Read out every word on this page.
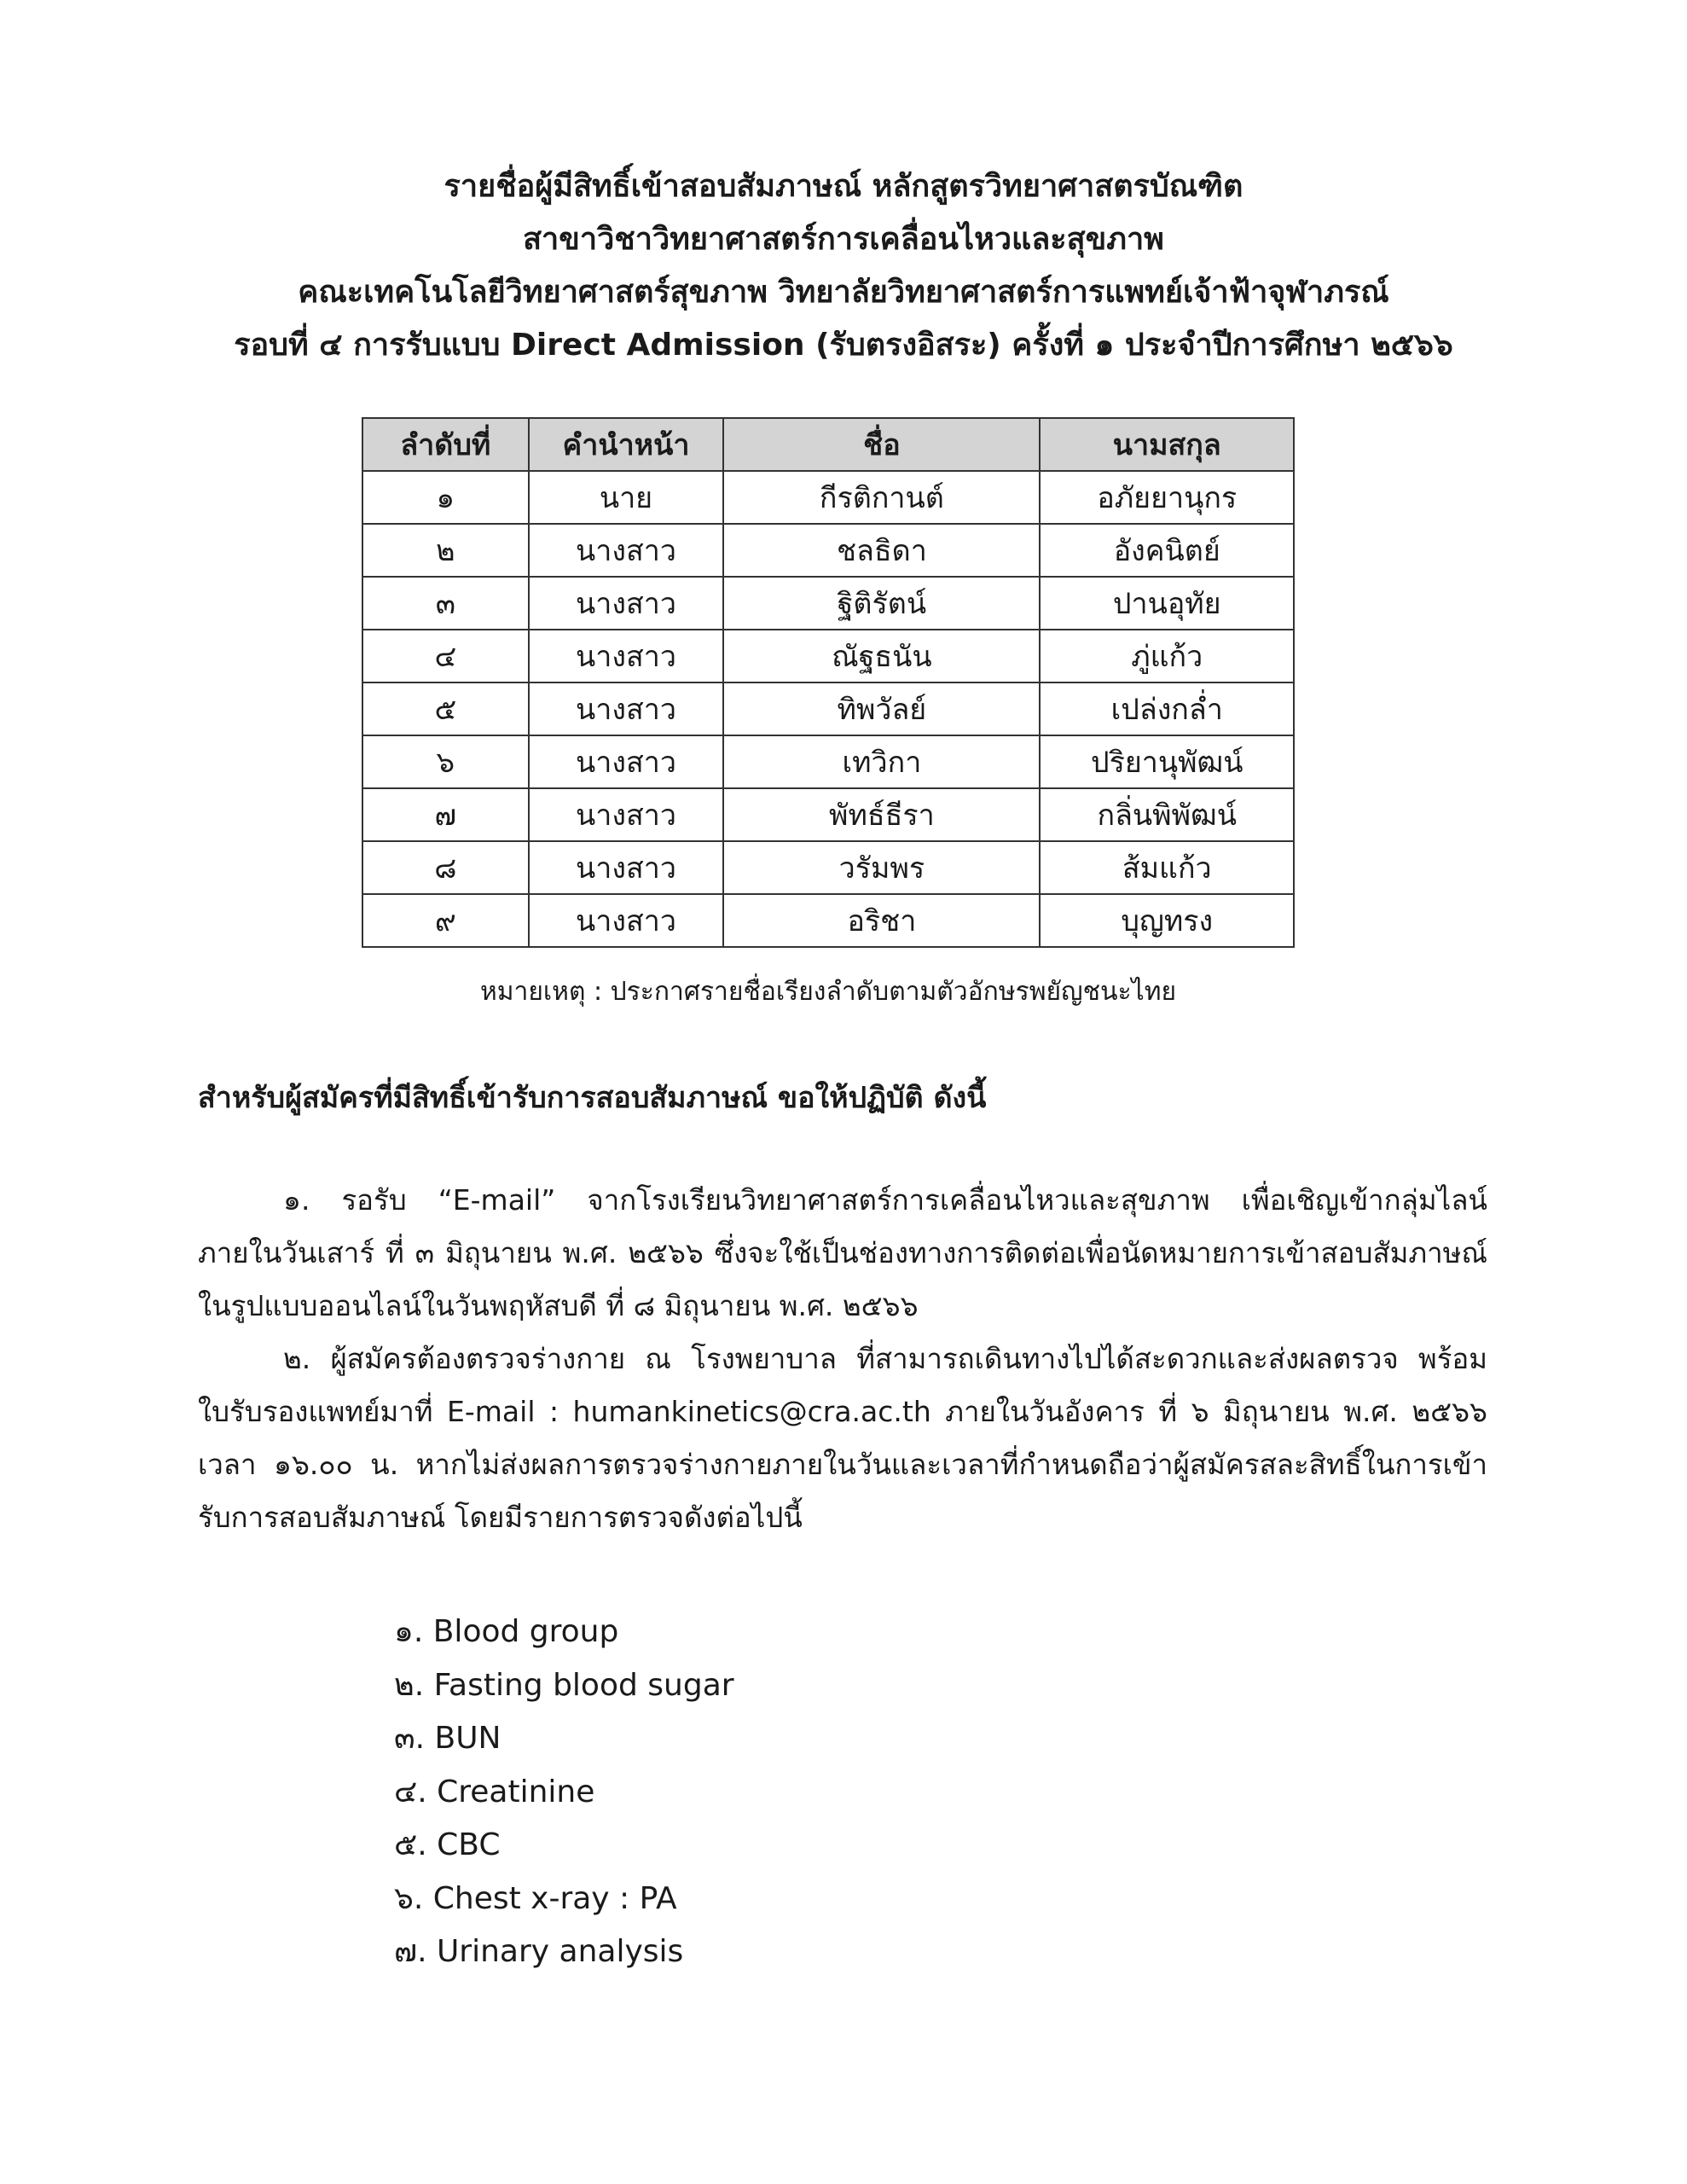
รายชื่อผู้มีสิทธิ์เข้าสอบสัมภาษณ์ หลักสูตรวิทยาศาสตรบัณฑิต
สาขาวิชาวิทยาศาสตร์การเคลื่อนไหวและสุขภาพ
คณะเทคโนโลยีวิทยาศาสตร์สุขภาพ วิทยาลัยวิทยาศาสตร์การแพทย์เจ้าฟ้าจุฬาภรณ์
รอบที่ ๔ การรับแบบ Direct Admission (รับตรงอิสระ) ครั้งที่ ๑ ประจำปีการศึกษา ๒๕๖๖
ลำดับที่	คำนำหน้า	ชื่อ	นามสกุล
๑	นาย	กีรติกานต์	อภัยยานุกร
๒	นางสาว	ชลธิดา	อังคนิตย์
๓	นางสาว	ฐิติรัตน์	ปานอุทัย
๔	นางสาว	ณัฐธนัน	ภู่แก้ว
๕	นางสาว	ทิพวัลย์	เปล่งกล่ำ
๖	นางสาว	เทวิกา	ปริยานุพัฒน์
๗	นางสาว	พัทธ์ธีรา	กลิ่นพิพัฒน์
๘	นางสาว	วรัมพร	ส้มแก้ว
๙	นางสาว	อริชา	บุญทรง
หมายเหตุ : ประกาศรายชื่อเรียงลำดับตามตัวอักษรพยัญชนะไทย
สำหรับผู้สมัครที่มีสิทธิ์เข้ารับการสอบสัมภาษณ์ ขอให้ปฏิบัติ ดังนี้

๑. รอรับ “E-mail” จากโรงเรียนวิทยาศาสตร์การเคลื่อนไหวและสุขภาพ เพื่อเชิญเข้ากลุ่มไลน์ ภายในวันเสาร์ ที่ ๓ มิถุนายน พ.ศ. ๒๕๖๖ ซึ่งจะใช้เป็นช่องทางการติดต่อเพื่อนัดหมายการเข้าสอบสัมภาษณ์ในรูปแบบออนไลน์ในวันพฤหัสบดี ที่ ๘ มิถุนายน พ.ศ. ๒๕๖๖

๒. ผู้สมัครต้องตรวจร่างกาย ณ โรงพยาบาล ที่สามารถเดินทางไปได้สะดวกและส่งผลตรวจ พร้อมใบรับรองแพทย์มาที่ E-mail : humankinetics@cra.ac.th ภายในวันอังคาร ที่ ๖ มิถุนายน พ.ศ. ๒๕๖๖ เวลา ๑๖.๐๐ น. หากไม่ส่งผลการตรวจร่างกายภายในวันและเวลาที่กำหนดถือว่าผู้สมัครสละสิทธิ์ในการเข้ารับการสอบสัมภาษณ์ โดยมีรายการตรวจดังต่อไปนี้

๑. Blood group
๒. Fasting blood sugar
๓. BUN
๔. Creatinine
๕. CBC
๖. Chest x-ray : PA
๗. Urinary analysis
